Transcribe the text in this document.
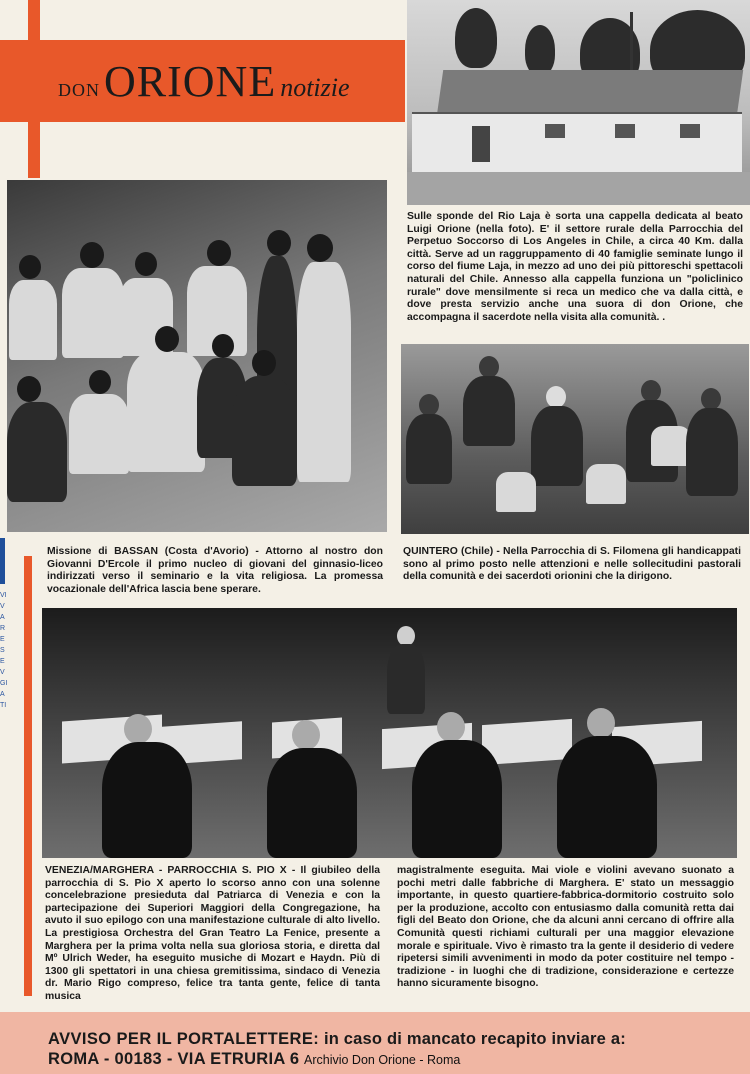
DON ORIONE notizie
Sulle sponde del Rio Laja è sorta una cappella dedicata al beato Luigi Orione (nella foto). E' il settore rurale della Parrocchia del Perpetuo Soccorso di Los Angeles in Chile, a circa 40 Km. dalla città. Serve ad un raggruppamento di 40 famiglie seminate lungo il corso del fiume Laja, in mezzo ad uno dei più pittoreschi spettacoli naturali del Chile. Annesso alla cappella funziona un "policlinico rurale" dove mensilmente si reca un medico che va dalla città, e dove presta servizio anche una suora di don Orione, che accompagna il sacerdote nella visita alla comunità. .
VIVARESEVGIATI
Missione di BASSAN (Costa d'Avorio) - Attorno al nostro don Giovanni D'Ercole il primo nucleo di giovani del ginnasio-liceo indirizzati verso il seminario e la vita religiosa. La promessa vocazionale dell'Africa lascia bene sperare.
QUINTERO (Chile) - Nella Parrocchia di S. Filomena gli handicappati sono al primo posto nelle attenzioni e nelle sollecitudini pastorali della comunità e dei sacerdoti orionini che la dirigono.
VENEZIA/MARGHERA - PARROCCHIA S. PIO X - Il giubileo della parrocchia di S. Pio X aperto lo scorso anno con una solenne concelebrazione presieduta dal Patriarca di Venezia e con la partecipazione dei Superiori Maggiori della Congregazione, ha avuto il suo epilogo con una manifestazione culturale di alto livello. La prestigiosa Orchestra del Gran Teatro La Fenice, presente a Marghera per la prima volta nella sua gloriosa storia, e diretta dal Mº Ulrich Weder, ha eseguito musiche di Mozart e Haydn. Più di 1300 gli spettatori in una chiesa gremitissima, sindaco di Venezia dr. Mario Rigo compreso, felice tra tanta gente, felice di tanta musica
magistralmente eseguita. Mai viole e violini avevano suonato a pochi metri dalle fabbriche di Marghera. E' stato un messaggio importante, in questo quartiere-fabbrica-dormitorio costruito solo per la produzione, accolto con entusiasmo dalla comunità retta dai figli del Beato don Orione, che da alcuni anni cercano di offrire alla Comunità questi richiami culturali per una maggior elevazione morale e spirituale. Vivo è rimasto tra la gente il desiderio di vedere ripetersi simili avvenimenti in modo da poter costituire nel tempo - tradizione - in luoghi che di tradizione, considerazione e certezze hanno sicuramente bisogno.
AVVISO PER IL PORTALETTERE: in caso di mancato recapito inviare a:
ROMA - 00183 - VIA ETRURIA 6 Archivio Don Orione - Roma
